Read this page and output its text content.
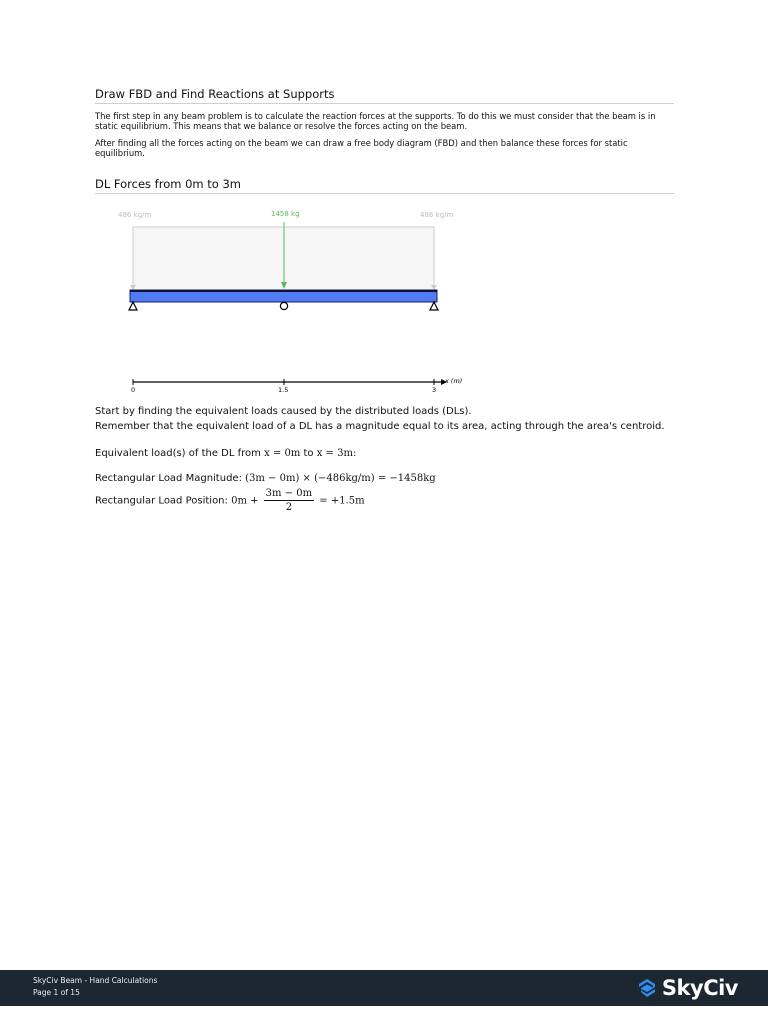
Draw FBD and Find Reactions at Supports

The first step in any beam problem is to calculate the reaction forces at the supports. To do this we must consider that the beam is in static equilibrium. This means that we balance or resolve the forces acting on the beam.

After finding all the forces acting on the beam we can draw a free body diagram (FBD) and then balance these forces for static equilibrium.

DL Forces from 0m to 3m
486 kg/m	486 kg/m
1458 kg
0	1.5	3
x (m)
Start by finding the equivalent loads caused by the distributed loads (DLs).
Remember that the equivalent load of a DL has a magnitude equal to its area, acting through the area's centroid.
Equivalent load(s) of the DL from x = 0m to x = 3m:
Rectangular Load Magnitude: (3m − 0m) × (−486kg/m) = −1458kg
Rectangular Load Position: $0m + \frac{3m - 0m}{2} = +1.5m$
SkyCiv Beam - Hand Calculations
Page 1 of 15	SkyCiv
